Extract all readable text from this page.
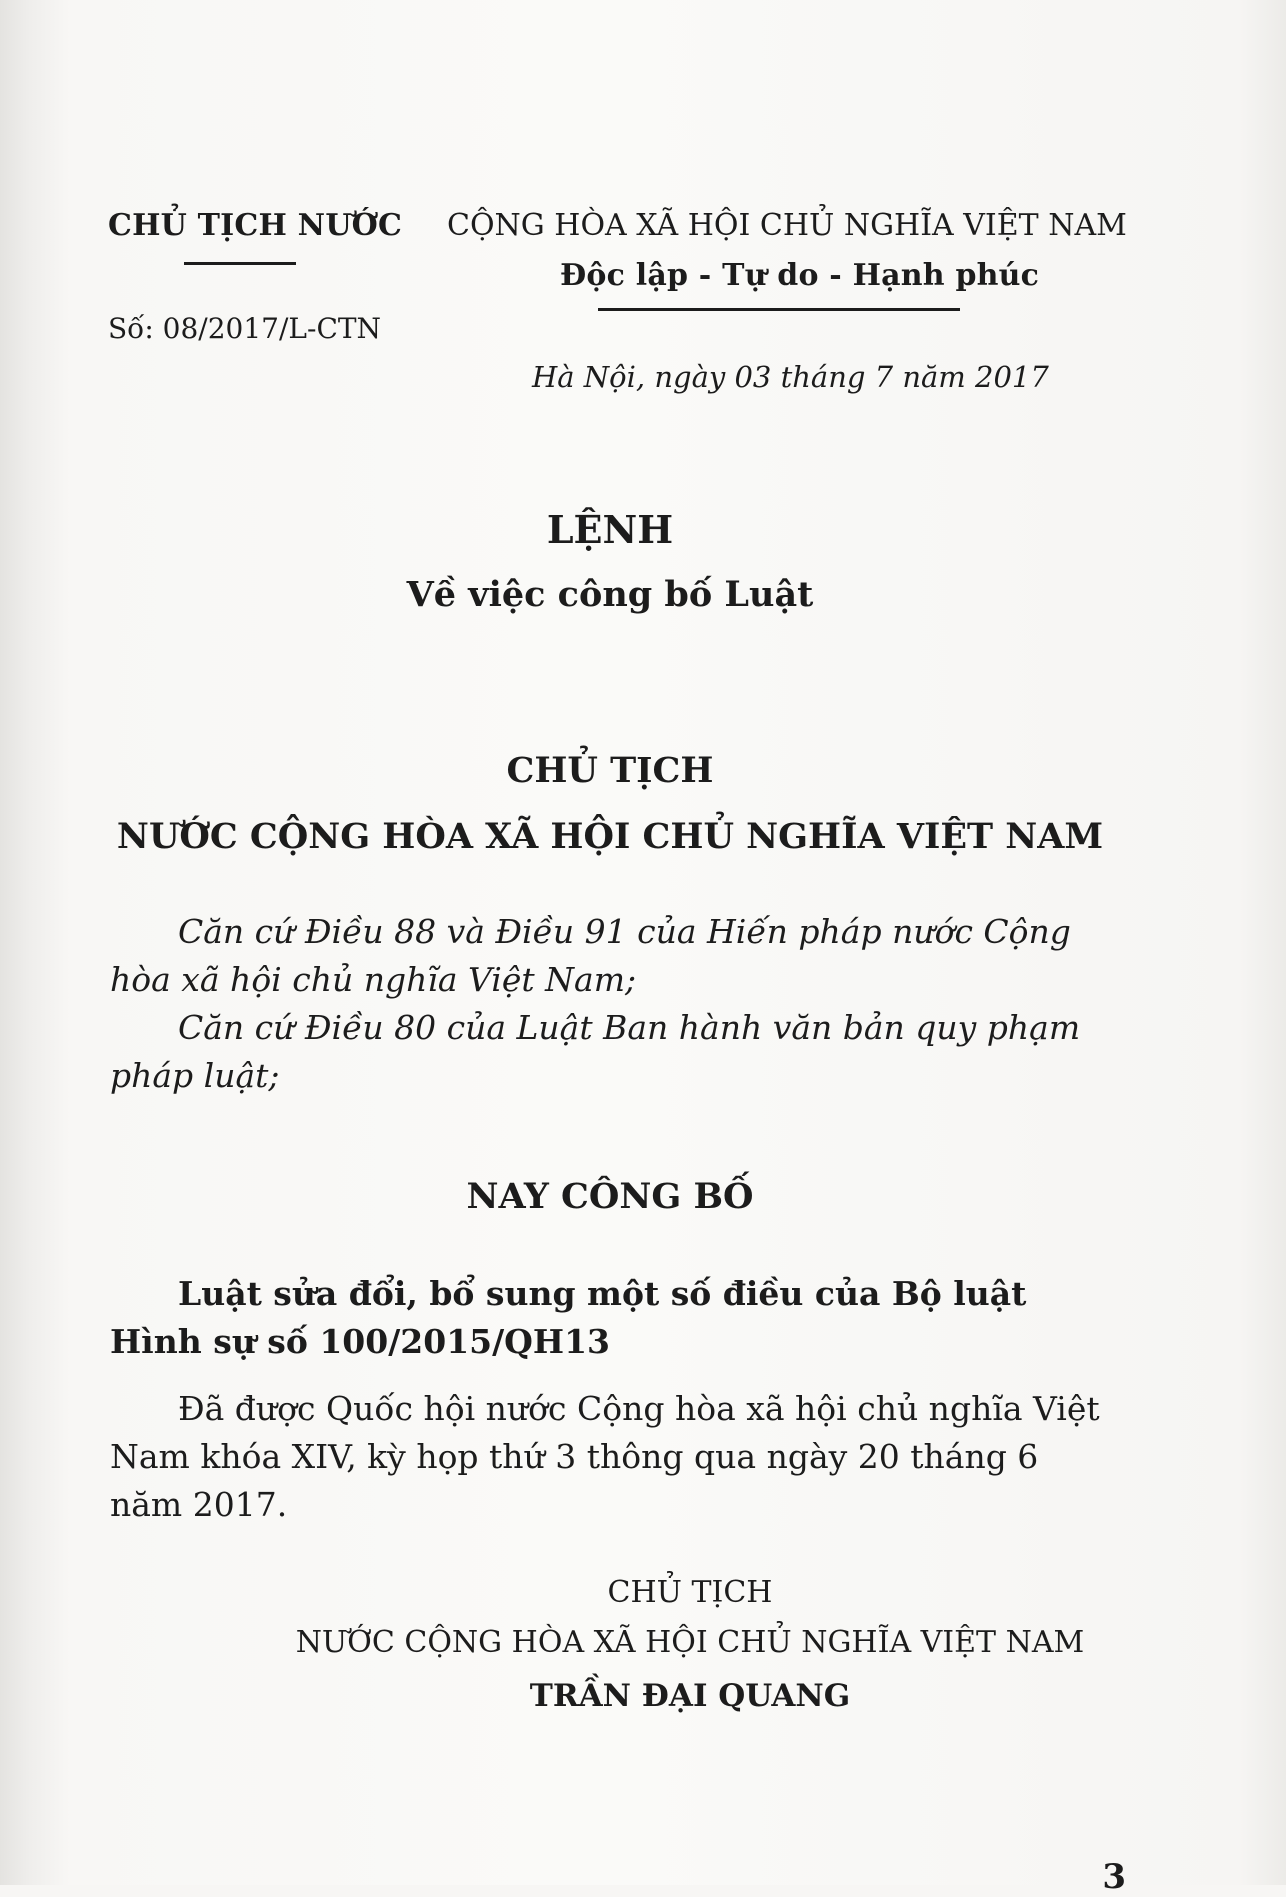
CHỦ TỊCH NƯỚC
Số: 08/2017/L-CTN
CỘNG HÒA XÃ HỘI CHỦ NGHĨA VIỆT NAM
Độc lập - Tự do - Hạnh phúc
Hà Nội, ngày 03 tháng 7 năm 2017
LỆNH
Về việc công bố Luật
CHỦ TỊCH
NƯỚC CỘNG HÒA XÃ HỘI CHỦ NGHĨA VIỆT NAM
Căn cứ Điều 88 và Điều 91 của Hiến pháp nước Cộng
hòa xã hội chủ nghĩa Việt Nam;
Căn cứ Điều 80 của Luật Ban hành văn bản quy phạm
pháp luật;
NAY CÔNG BỐ
Luật sửa đổi, bổ sung một số điều của Bộ luật
Hình sự số 100/2015/QH13
Đã được Quốc hội nước Cộng hòa xã hội chủ nghĩa Việt
Nam khóa XIV, kỳ họp thứ 3 thông qua ngày 20 tháng 6
năm 2017.
CHỦ TỊCH
NƯỚC CỘNG HÒA XÃ HỘI CHỦ NGHĨA VIỆT NAM
TRẦN ĐẠI QUANG
3
